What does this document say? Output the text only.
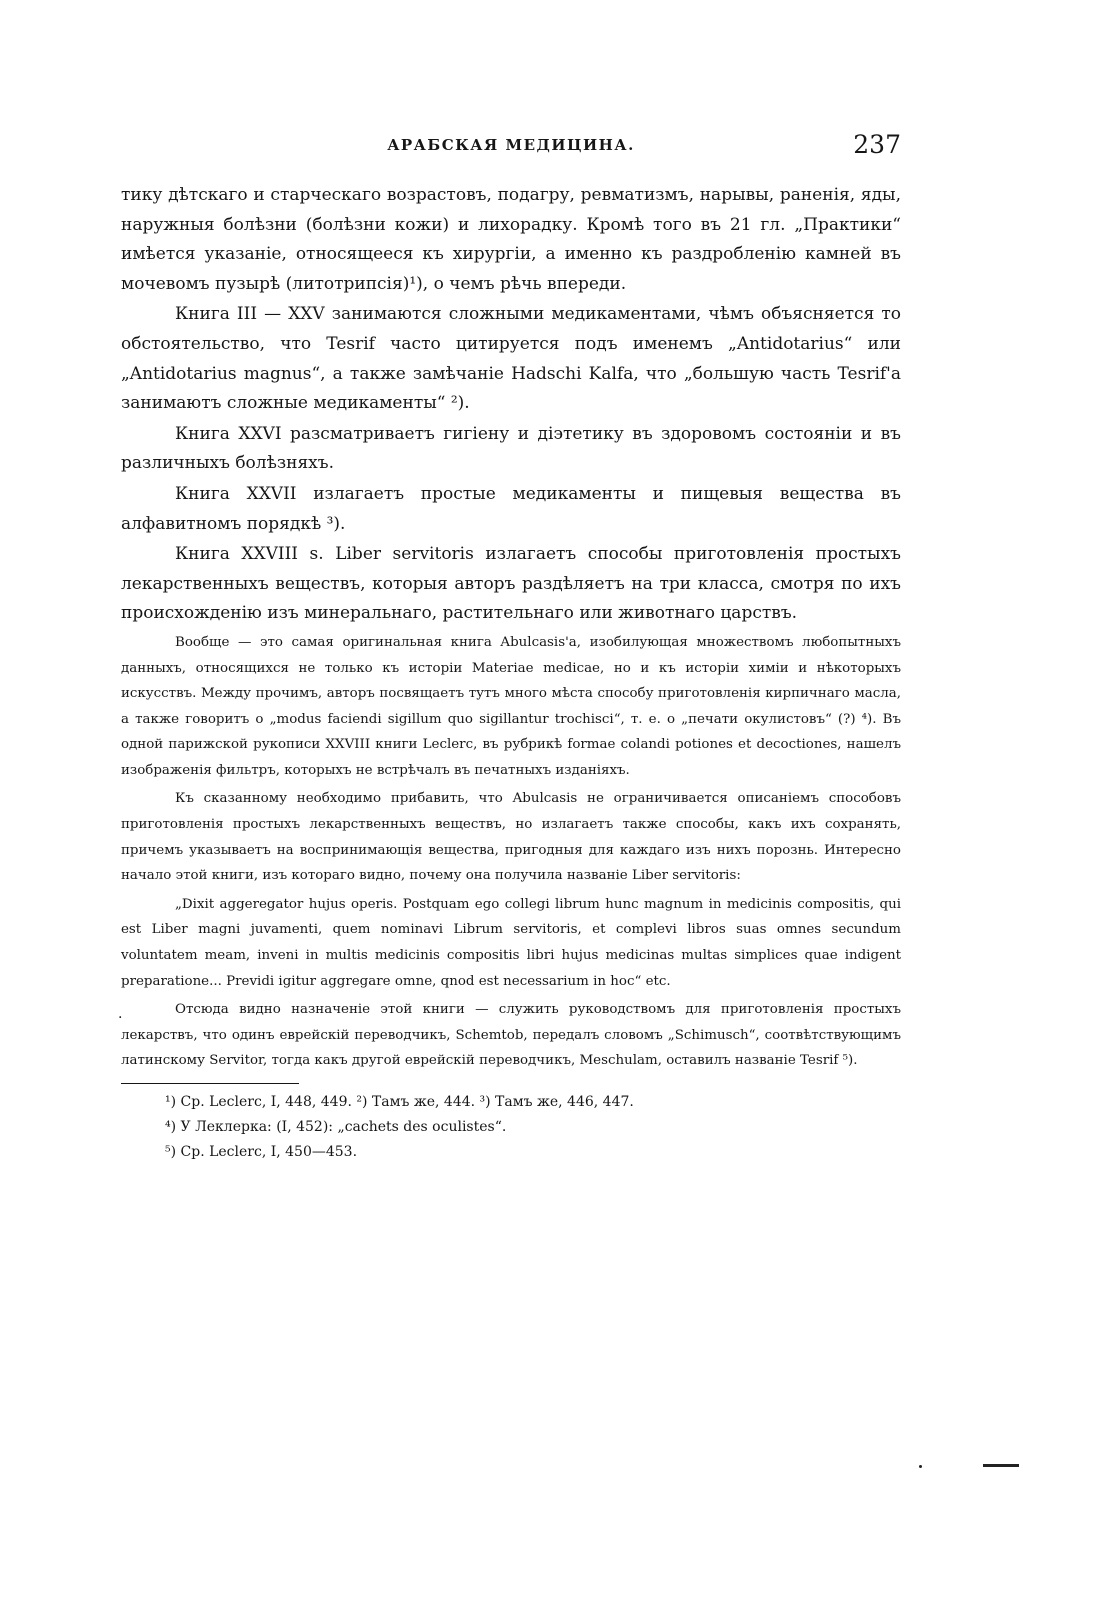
АРАБСКАЯ МЕДИЦИНА.	237

тику дѣтскаго и старческаго возрастовъ, подагру, ревматизмъ, нарывы, раненія, яды, наружныя болѣзни (болѣзни кожи) и лихорадку. Кромѣ того въ 21 гл. „Практики“ имѣется указаніе, относящееся къ хирургіи, а именно къ раздробленію камней въ мочевомъ пузырѣ (литотрипсія)¹), о чемъ рѣчь впереди.

Книга III — XXV занимаются сложными медикаментами, чѣмъ объясняется то обстоятельство, что Tesrif часто цитируется подъ именемъ „Antidotarius“ или „Antidotarius magnus“, а также замѣчаніе Hadschi Kalfa, что „большую часть Tesrif'а занимаютъ сложные медикаменты“ ²).

Книга XXVI разсматриваетъ гигіену и діэтетику въ здоровомъ состояніи и въ различныхъ болѣзняхъ.

Книга XXVII излагаетъ простые медикаменты и пищевыя вещества въ алфавитномъ порядкѣ ³).

Книга XXVIII s. Liber servitoris излагаетъ способы приготовленія простыхъ лекарственныхъ веществъ, которыя авторъ раздѣляетъ на три класса, смотря по ихъ происхожденію изъ минеральнаго, растительнаго или животнаго царствъ.

Вообще — это самая оригинальная книга Abulcasis'а, изобилующая множествомъ любопытныхъ данныхъ, относящихся не только къ исторіи Materiae medicae, но и къ исторіи химіи и нѣкоторыхъ искусствъ. Между прочимъ, авторъ посвящаетъ тутъ много мѣста способу приготовленія кирпичнаго масла, а также говоритъ о „modus faciendi sigillum quo sigillantur trochisci“, т. е. о „печати окулистовъ“ (?) ⁴). Въ одной парижской рукописи XXVIII книги Leclerc, въ рубрикѣ formae colandi potiones et decoctiones, нашелъ изображенія фильтръ, которыхъ не встрѣчалъ въ печатныхъ изданіяхъ.

Къ сказанному необходимо прибавить, что Abulcasis не ограничивается описаніемъ способовъ приготовленія простыхъ лекарственныхъ веществъ, но излагаетъ также способы, какъ ихъ сохранять, причемъ указываетъ на воспринимающія вещества, пригодныя для каждаго изъ нихъ порознь. Интересно начало этой книги, изъ котораго видно, почему она получила названіе Liber servitoris:

„Dixit aggeregator hujus operis. Postquam ego collegi librum hunc magnum in medicinis compositis, qui est Liber magni juvamenti, quem nominavi Librum servitoris, et complevi libros suas omnes secundum voluntatem meam, inveni in multis medicinis compositis libri hujus medicinas multas simplices quae indigent preparatione... Previdi igitur aggregare omne, qnod est necessarium in hoc“ etc.

Отсюда видно назначеніе этой книги — служить руководствомъ для приготовленія простыхъ лекарствъ, что одинъ еврейскій переводчикъ, Schemtob, передалъ словомъ „Schimusch“, соотвѣтствующимъ латинскому Servitor, тогда какъ другой еврейскій переводчикъ, Meschulam, оставилъ названіе Tesrif ⁵).

¹) Ср. Leclerc, I, 448, 449. ²) Тамъ же, 444. ³) Тамъ же, 446, 447.
⁴) У Леклерка: (I, 452): „cachets des oculistes“.
⁵) Ср. Leclerc, I, 450—453.
.
